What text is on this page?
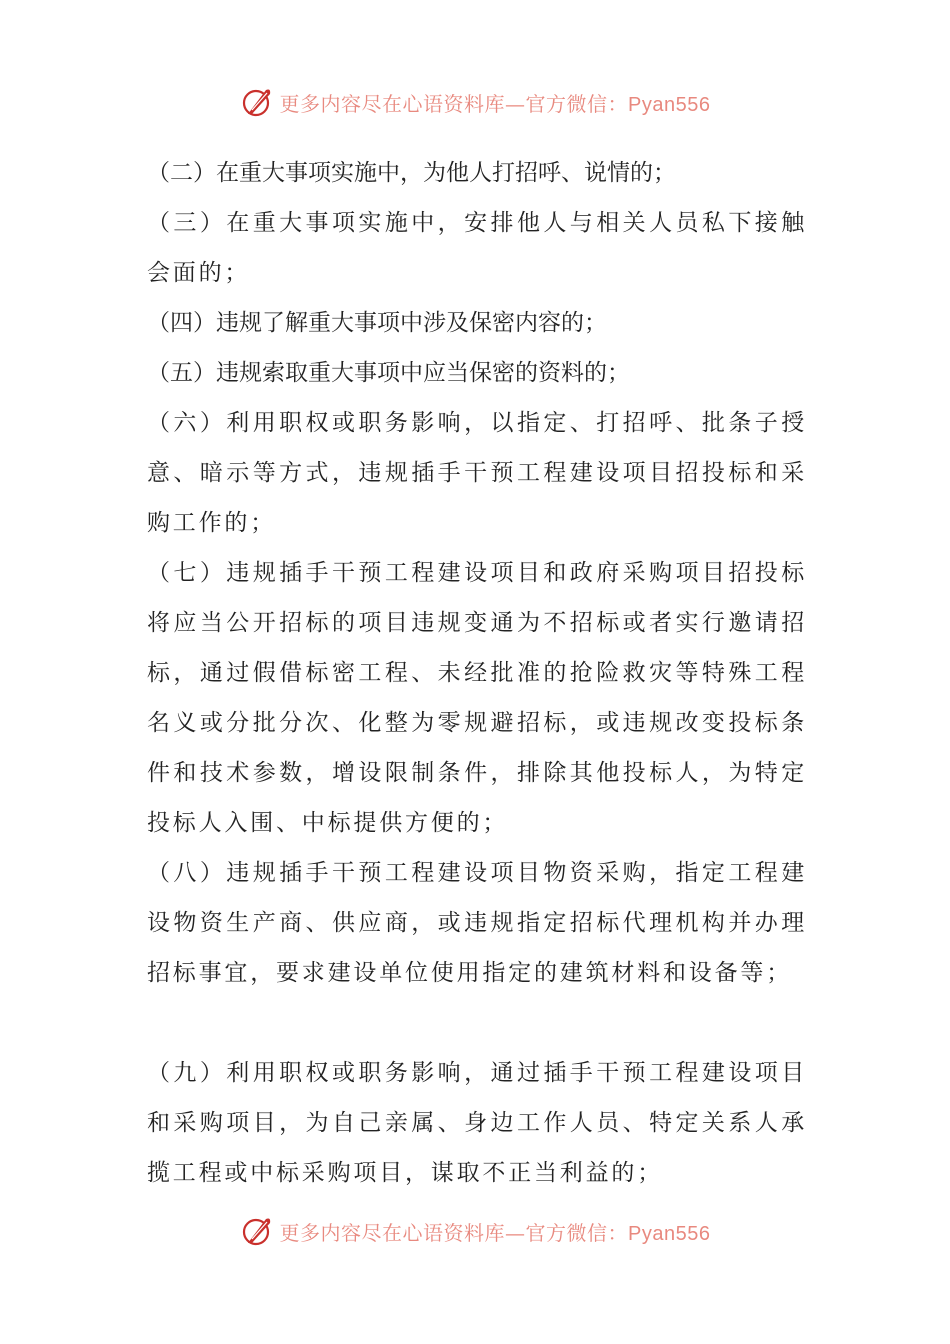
更多内容尽在心语资料库—官方微信：Pyan556

（二）在重大事项实施中，为他人打招呼、说情的；

（三）在重大事项实施中，安排他人与相关人员私下接触会面的；

（四）违规了解重大事项中涉及保密内容的；

（五）违规索取重大事项中应当保密的资料的；

（六）利用职权或职务影响，以指定、打招呼、批条子授意、暗示等方式，违规插手干预工程建设项目招投标和采购工作的；

（七）违规插手干预工程建设项目和政府采购项目招投标将应当公开招标的项目违规变通为不招标或者实行邀请招标，通过假借标密工程、未经批准的抢险救灾等特殊工程名义或分批分次、化整为零规避招标，或违规改变投标条件和技术参数，增设限制条件，排除其他投标人，为特定投标人入围、中标提供方便的；

（八）违规插手干预工程建设项目物资采购，指定工程建设物资生产商、供应商，或违规指定招标代理机构并办理招标事宜，要求建设单位使用指定的建筑材料和设备等；

（九）利用职权或职务影响，通过插手干预工程建设项目和采购项目，为自己亲属、身边工作人员、特定关系人承揽工程或中标采购项目，谋取不正当利益的；

更多内容尽在心语资料库—官方微信：Pyan556
